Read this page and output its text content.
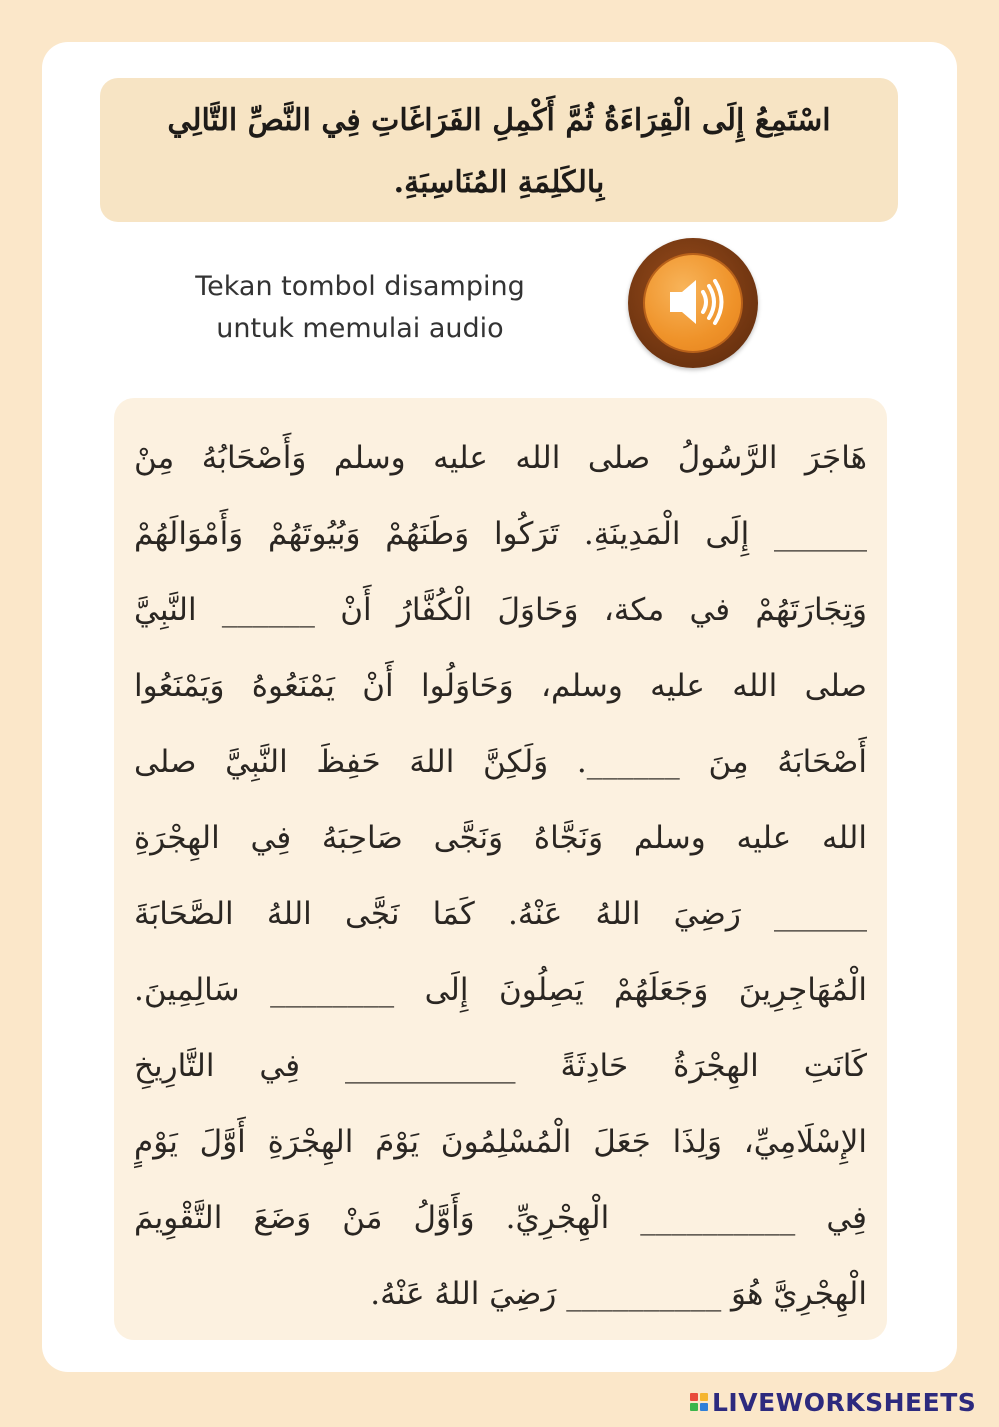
اسْتَمِعُ إِلَى الْقِرَاءَةُ ثُمَّ أَكْمِلِ الفَرَاغَاتِ فِي النَّصِّ التَّالِي
بِالكَلِمَةِ المُنَاسِبَةِ.
Tekan tombol disamping
untuk memulai audio
هَاجَرَ الرَّسُولُ صلى الله عليه وسلم وَأَصْحَابُهُ مِنْ
______ إِلَى الْمَدِينَةِ. تَرَكُوا وَطَنَهُمْ وَبُيُوتَهُمْ وَأَمْوَالَهُمْ
وَتِجَارَتَهُمْ في مكة، وَحَاوَلَ الْكُفَّارُ أَنْ ______ النَّبِيَّ
صلى الله عليه وسلم، وَحَاوَلُوا أَنْ يَمْنَعُوهُ وَيَمْنَعُوا
أَصْحَابَهُ مِنَ ______. وَلَكِنَّ اللهَ حَفِظَ النَّبِيَّ صلى
الله عليه وسلم وَنَجَّاهُ وَنَجَّى صَاحِبَهُ فِي الهِجْرَةِ
______ رَضِيَ اللهُ عَنْهُ. كَمَا نَجَّى اللهُ الصَّحَابَةَ
الْمُهَاجِرِينَ وَجَعَلَهُمْ يَصِلُونَ إِلَى ________ سَالِمِينَ.
كَانَتِ الهِجْرَةُ حَادِثَةً ___________ فِي التَّارِيخِ
الإِسْلَامِيِّ، وَلِذَا جَعَلَ الْمُسْلِمُونَ يَوْمَ الهِجْرَةِ أَوَّلَ يَوْمٍ
فِي __________ الْهِجْرِيِّ. وَأَوَّلُ مَنْ وَضَعَ التَّقْوِيمَ
الْهِجْرِيَّ هُوَ __________ رَضِيَ اللهُ عَنْهُ.
LIVEWORKSHEETS
